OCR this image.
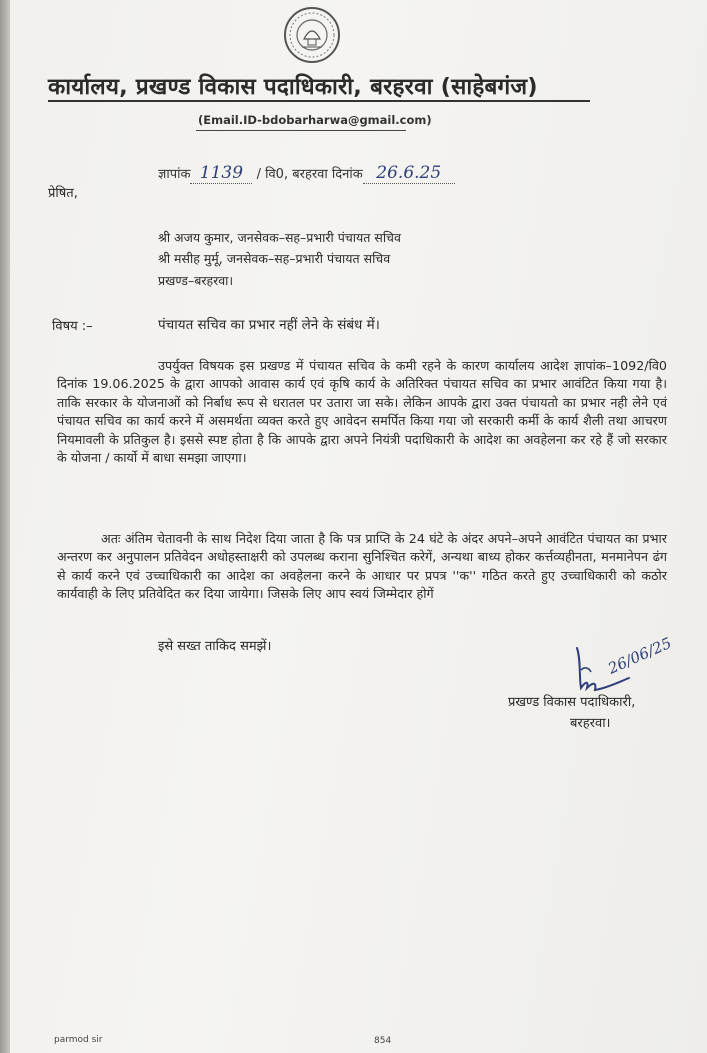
कार्यालय, प्रखण्ड विकास पदाधिकारी, बरहरवा (साहेबगंज)
(Email.ID-bdobarharwa@gmail.com)
ज्ञापांक 1139 / वि0, बरहरवा दिनांक 26.6.25
प्रेषित,
श्री अजय कुमार, जनसेवक–सह–प्रभारी पंचायत सचिव
श्री मसीह मुर्मू, जनसेवक–सह–प्रभारी पंचायत सचिव
प्रखण्ड–बरहरवा।
विषय :–	पंचायत सचिव का प्रभार नहीं लेने के संबंध में।
उपर्युक्त विषयक इस प्रखण्ड में पंचायत सचिव के कमी रहने के कारण कार्यालय आदेश ज्ञापांक–1092/वि0 दिनांक 19.06.2025 के द्वारा आपको आवास कार्य एवं कृषि कार्य के अतिरिक्त पंचायत सचिव का प्रभार आवंटित किया गया है। ताकि सरकार के योजनाओं को निर्बाध रूप से धरातल पर उतारा जा सके। लेकिन आपके द्वारा उक्त पंचायतो का प्रभार नही लेने एवं पंचायत सचिव का कार्य करने में असमर्थता व्यक्त करते हुए आवेदन समर्पित किया गया जो सरकारी कर्मी के कार्य शैली तथा आचरण नियमावली के प्रतिकुल है। इससे स्पष्ट होता है कि आपके द्वारा अपने नियंत्री पदाधिकारी के आदेश का अवहेलना कर रहे हैं जो सरकार के योजना / कार्यो में बाधा समझा जाएगा।
अतः अंतिम चेतावनी के साथ निदेश दिया जाता है कि पत्र प्राप्ति के 24 घंटे के अंदर अपने–अपने आवंटित पंचायत का प्रभार अन्तरण कर अनुपालन प्रतिवेदन अधोहस्ताक्षरी को उपलब्ध कराना सुनिश्चित करेगें, अन्यथा बाध्य होकर कर्त्तव्यहीनता, मनमानेपन ढंग से कार्य करने एवं उच्चाधिकारी का आदेश का अवहेलना करने के आधार पर प्रपत्र ''क'' गठित करते हुए उच्चाधिकारी को कठोर कार्यवाही के लिए प्रतिवेदित कर दिया जायेगा। जिसके लिए आप स्वयं जिम्मेदार होगें
इसे सख्त ताकिद समझें।	26/06/25
प्रखण्ड विकास पदाधिकारी,
बरहरवा।
parmod sir	854
